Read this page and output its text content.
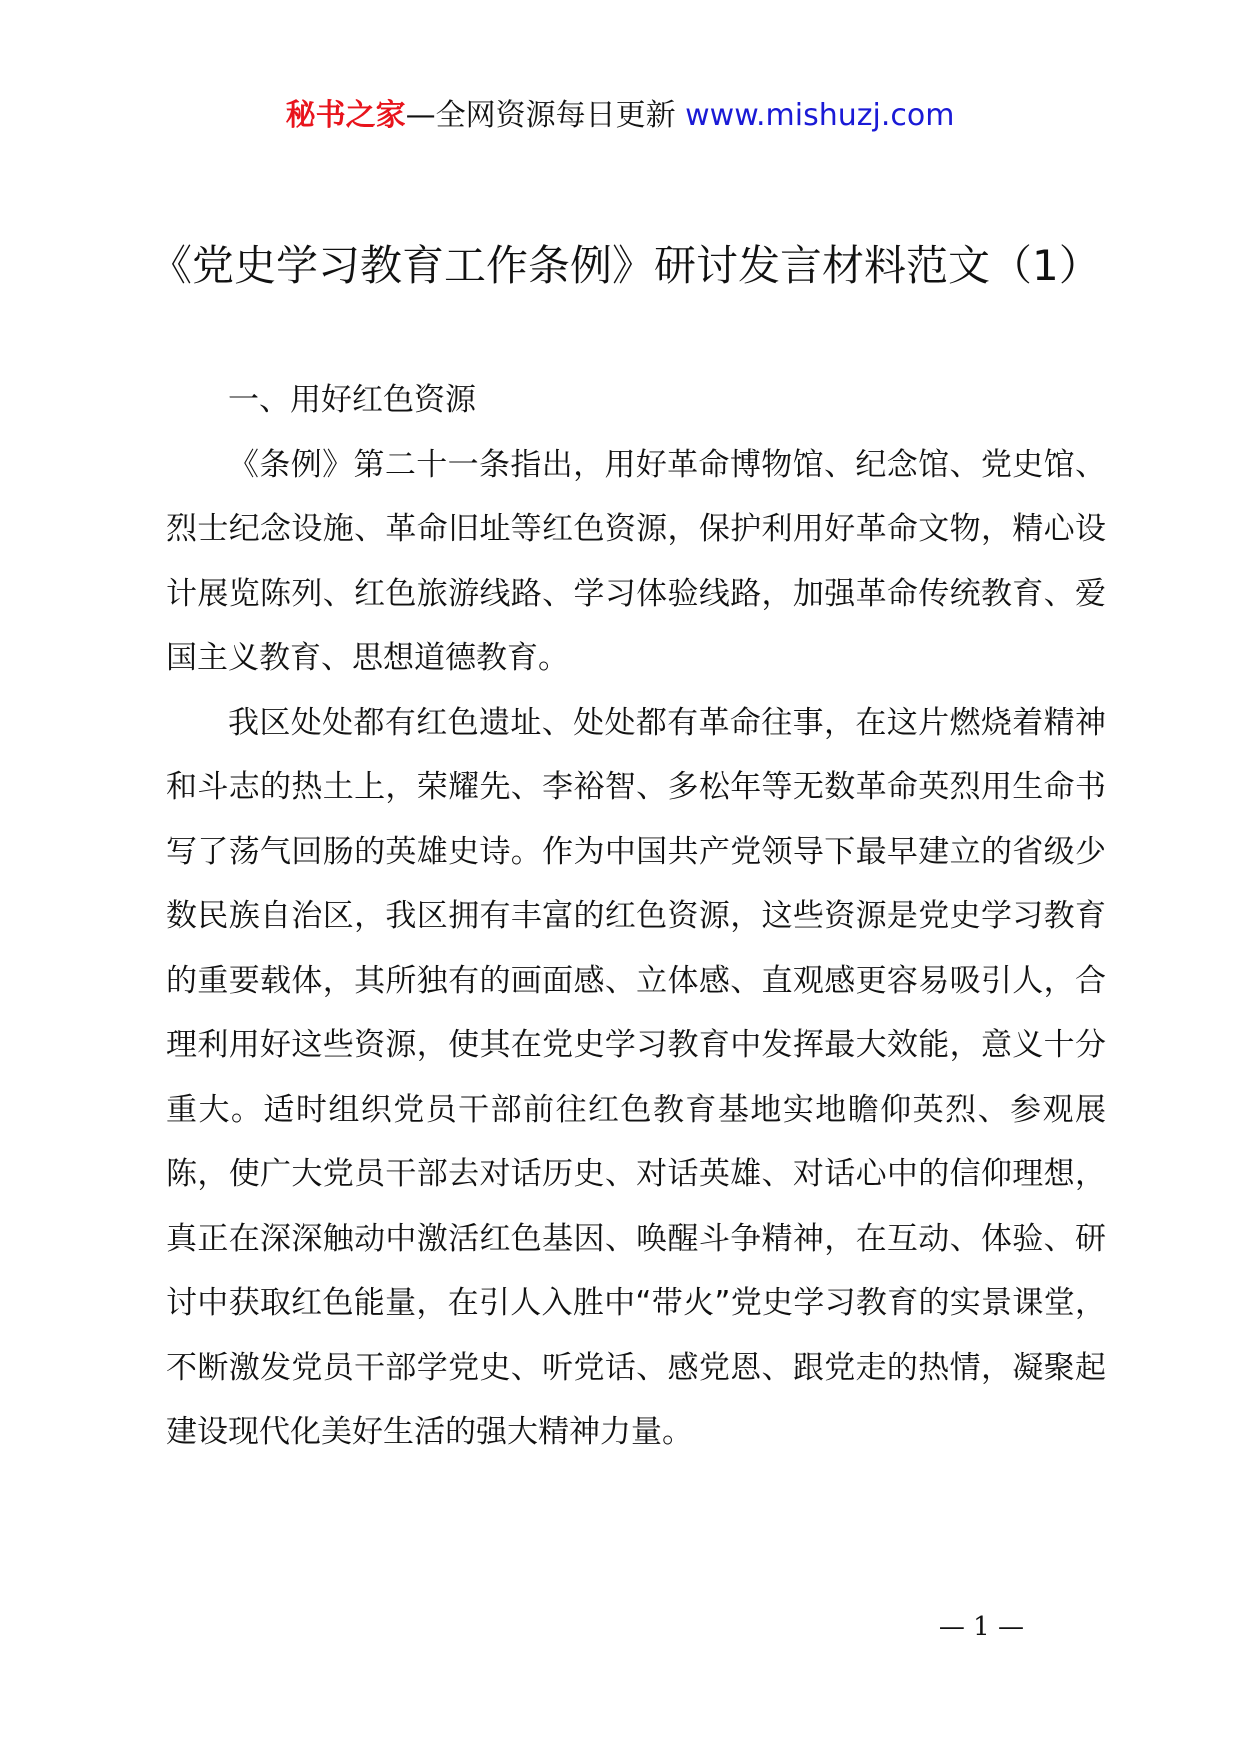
秘书之家—全网资源每日更新 www.mishuzj.com
《党史学习教育工作条例》研讨发言材料范文（1）

一、用好红色资源

《条例》第二十一条指出，用好革命博物馆、纪念馆、党史馆、烈士纪念设施、革命旧址等红色资源，保护利用好革命文物，精心设计展览陈列、红色旅游线路、学习体验线路，加强革命传统教育、爱国主义教育、思想道德教育。

我区处处都有红色遗址、处处都有革命往事，在这片燃烧着精神和斗志的热土上，荣耀先、李裕智、多松年等无数革命英烈用生命书写了荡气回肠的英雄史诗。作为中国共产党领导下最早建立的省级少数民族自治区，我区拥有丰富的红色资源，这些资源是党史学习教育的重要载体，其所独有的画面感、立体感、直观感更容易吸引人，合理利用好这些资源，使其在党史学习教育中发挥最大效能，意义十分重大。适时组织党员干部前往红色教育基地实地瞻仰英烈、参观展陈，使广大党员干部去对话历史、对话英雄、对话心中的信仰理想，真正在深深触动中激活红色基因、唤醒斗争精神，在互动、体验、研讨中获取红色能量，在引人入胜中“带火”党史学习教育的实景课堂，不断激发党员干部学党史、听党话、感党恩、跟党走的热情，凝聚起建设现代化美好生活的强大精神力量。

— 1 —
